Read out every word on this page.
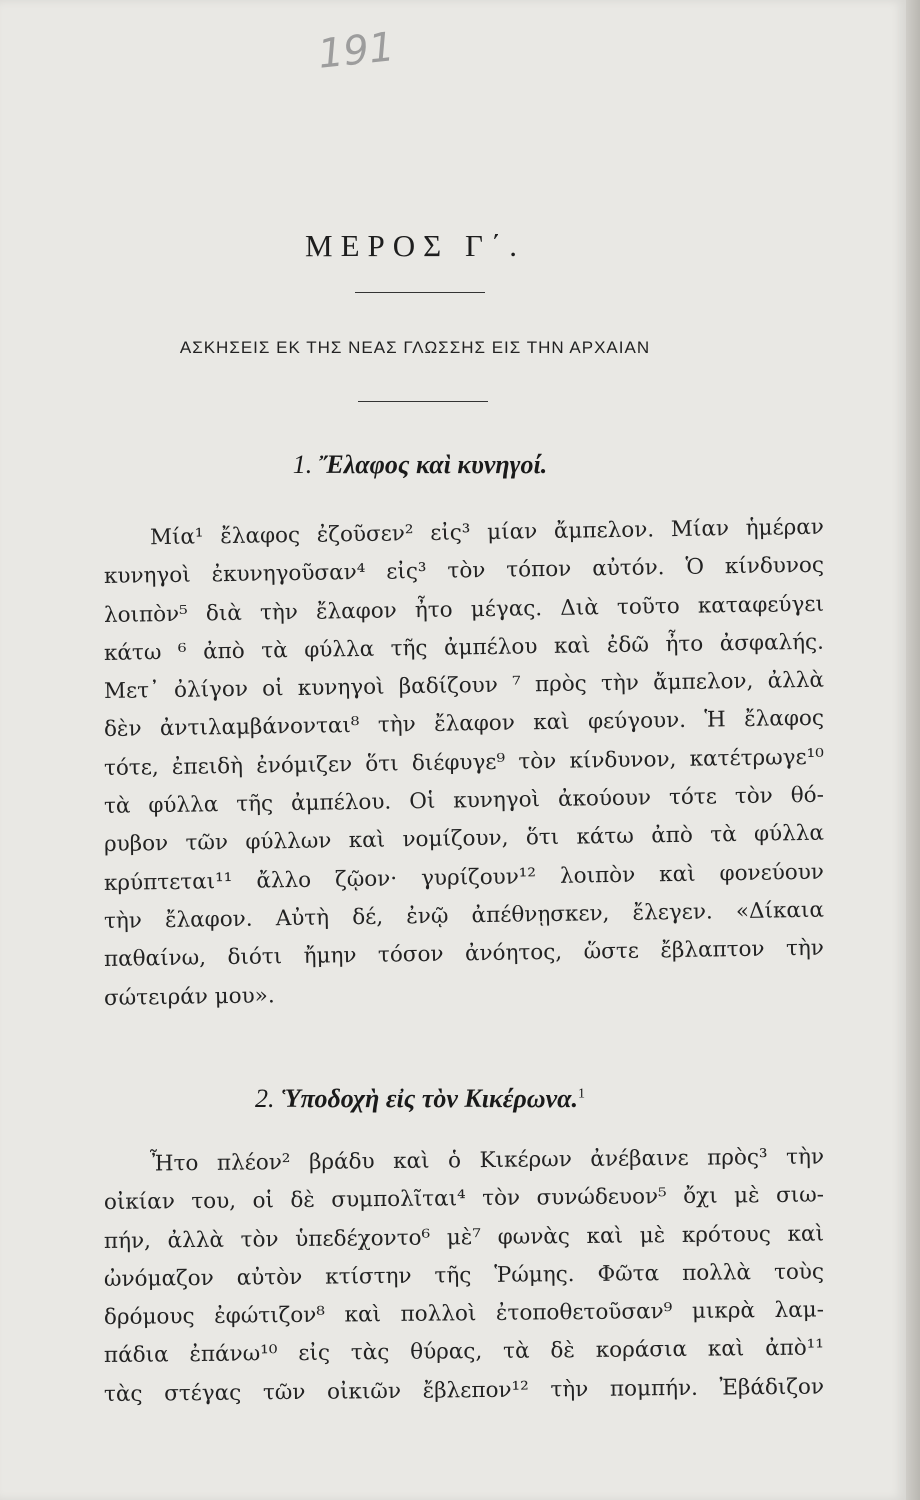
191
ΜΕΡΟΣ Γ΄.
ΑΣΚΗΣΕΙΣ ΕΚ ΤΗΣ ΝΕΑΣ ΓΛΩΣΣΗΣ ΕΙΣ ΤΗΝ ΑΡΧΑΙΑΝ
1. Ἔλαφος καὶ κυνηγοί.
Μία¹ ἔλαφος ἐζοῦσεν² εἰς³ μίαν ἄμπελον. Μίαν ἡμέραν
κυνηγοὶ ἐκυνηγοῦσαν⁴ εἰς³ τὸν τόπον αὐτόν. Ὁ κίνδυνος
λοιπὸν⁵ διὰ τὴν ἔλαφον ἦτο μέγας. Διὰ τοῦτο καταφεύγει
κάτω ⁶ ἀπὸ τὰ φύλλα τῆς ἀμπέλου καὶ ἐδῶ ἦτο ἀσφαλής.
Μετ᾽ ὀλίγον οἱ κυνηγοὶ βαδίζουν ⁷ πρὸς τὴν ἄμπελον, ἀλλὰ
δὲν ἀντιλαμβάνονται⁸ τὴν ἔλαφον καὶ φεύγουν. Ἡ ἔλαφος
τότε, ἐπειδὴ ἐνόμιζεν ὅτι διέφυγε⁹ τὸν κίνδυνον, κατέτρωγε¹⁰
τὰ φύλλα τῆς ἀμπέλου. Οἱ κυνηγοὶ ἀκούουν τότε τὸν θό-
ρυβον τῶν φύλλων καὶ νομίζουν, ὅτι κάτω ἀπὸ τὰ φύλλα
κρύπτεται¹¹ ἄλλο ζῷον· γυρίζουν¹² λοιπὸν καὶ φονεύουν
τὴν ἔλαφον. Αὐτὴ δέ, ἐνῷ ἀπέθνῃσκεν, ἔλεγεν. «Δίκαια
παθαίνω, διότι ἤμην τόσον ἀνόητος, ὥστε ἔβλαπτον τὴν
σώτειράν μου».
2. Ὑποδοχὴ εἰς τὸν Κικέρωνα.$^1$
Ἦτο πλέον² βράδυ καὶ ὁ Κικέρων ἀνέβαινε πρὸς³ τὴν
οἰκίαν του, οἱ δὲ συμπολῖται⁴ τὸν συνώδευον⁵ ὄχι μὲ σιω-
πήν, ἀλλὰ τὸν ὑπεδέχοντο⁶ μὲ⁷ φωνὰς καὶ μὲ κρότους καὶ
ὠνόμαζον αὐτὸν κτίστην τῆς Ῥώμης. Φῶτα πολλὰ τοὺς
δρόμους ἐφώτιζον⁸ καὶ πολλοὶ ἐτοποθετοῦσαν⁹ μικρὰ λαμ-
πάδια ἐπάνω¹⁰ εἰς τὰς θύρας, τὰ δὲ κοράσια καὶ ἀπὸ¹¹
τὰς στέγας τῶν οἰκιῶν ἔβλεπον¹² τὴν πομπήν. Ἐβάδιζον
